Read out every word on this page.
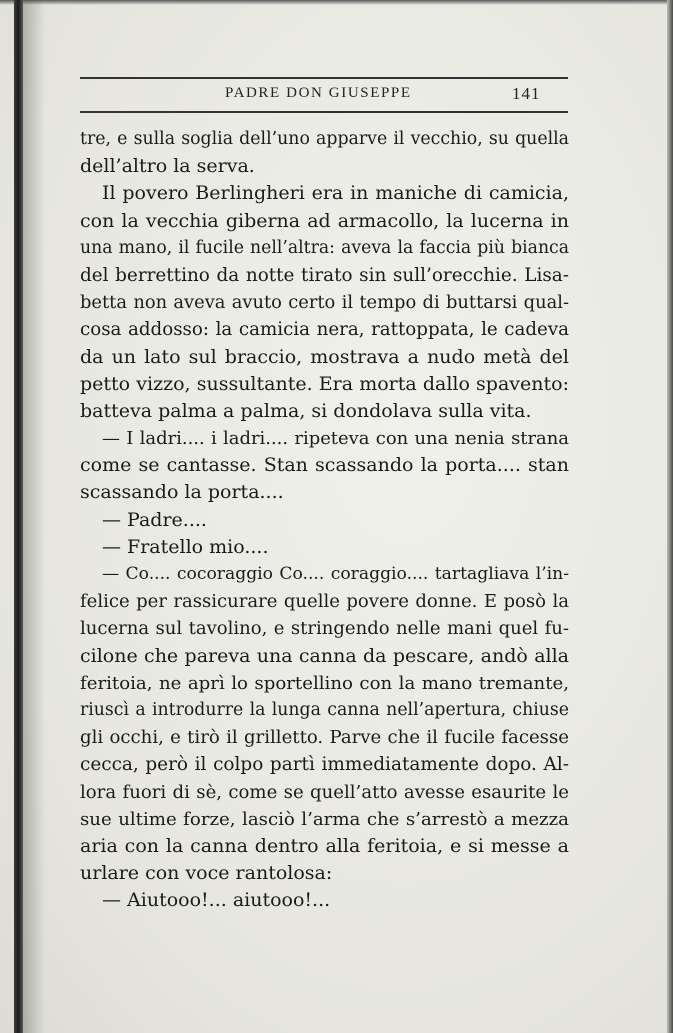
PADRE DON GIUSEPPE	141
tre, e sulla soglia dell’uno apparve il vecchio, su quella
dell’altro la serva.
Il povero Berlingheri era in maniche di camicia,
con la vecchia giberna ad armacollo, la lucerna in
una mano, il fucile nell’altra: aveva la faccia più bianca
del berrettino da notte tirato sin sull’orecchie. Lisa-
betta non aveva avuto certo il tempo di buttarsi qual-
cosa addosso: la camicia nera, rattoppata, le cadeva
da un lato sul braccio, mostrava a nudo metà del
petto vizzo, sussultante. Era morta dallo spavento:
batteva palma a palma, si dondolava sulla vita.
— I ladri.... i ladri.... ripeteva con una nenia strana
come se cantasse. Stan scassando la porta.... stan
scassando la porta....
— Padre....
— Fratello mio....
— Co.... cocoraggio Co.... coraggio.... tartagliava l’in-
felice per rassicurare quelle povere donne. E posò la
lucerna sul tavolino, e stringendo nelle mani quel fu-
cilone che pareva una canna da pescare, andò alla
feritoia, ne aprì lo sportellino con la mano tremante,
riuscì a introdurre la lunga canna nell’apertura, chiuse
gli occhi, e tirò il grilletto. Parve che il fucile facesse
cecca, però il colpo partì immediatamente dopo. Al-
lora fuori di sè, come se quell’atto avesse esaurite le
sue ultime forze, lasciò l’arma che s’arrestò a mezza
aria con la canna dentro alla feritoia, e si messe a
urlare con voce rantolosa:
— Aiutooo!... aiutooo!...
